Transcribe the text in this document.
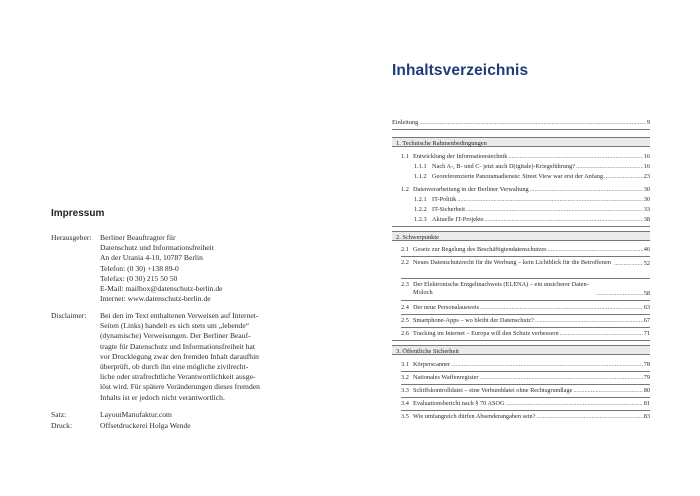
Impressum
Herausgeber: Berliner Beauftragter für
Datenschutz und Informationsfreiheit
An der Urania 4-10, 10787 Berlin
Telefon: (0 30) +138 89-0
Telefax: (0 30) 215 50 50
E-Mail: mailbox@datenschutz-berlin.de
Internet: www.datenschutz-berlin.de
Disclaimer: Bei den im Text enthaltenen Verweisen auf Internet-
Seiten (Links) handelt es sich stets um „lebende“
(dynamische) Verweisungen. Der Berliner Beauf-
tragte für Datenschutz und Informationsfreiheit hat
vor Drucklegung zwar den fremden Inhalt daraufhin
überprüft, ob durch ihn eine mögliche zivilrecht-
liche oder strafrechtliche Verantwortlichkeit ausge-
löst wird. Für spätere Veränderungen dieses fremden
Inhalts ist er jedoch nicht verantwortlich.
Satz:	LayoutManufaktur.com
Druck:	Offsetdruckerei Holga Wende
Inhaltsverzeichnis
Einleitung .....	9
1. Technische Rahmenbedingungen
1.1 Entwicklung der Informationstechnik .....	16
1.1.1 Nach A-, B- und C- jetzt auch D(igitale)-Kriegsführung? .....	16
1.1.2 Georeferenzierte Panoramadienste: Street View war erst der Anfang .....	23
1.2 Datenverarbeitung in der Berliner Verwaltung .....	30
1.2.1 IT-Politik .....	30
1.2.2 IT-Sicherheit .....	33
1.2.3 Aktuelle IT-Projekte .....	38
2. Schwerpunkte
2.1 Gesetz zur Regelung des Beschäftigtendatenschutzes .....	46
2.2 Neues Datenschutzrecht für die Werbung – kein Lichtblick für die Betroffenen .....	52
2.3 Der Elektronische Entgeltnachweis (ELENA) – ein unsicherer Daten-Moloch .....	58
2.4 Der neue Personalausweis .....	63
2.5 Smartphone-Apps – wo bleibt der Datenschutz? .....	67
2.6 Tracking im Internet – Europa will den Schutz verbessern .....	71
3. Öffentliche Sicherheit
3.1 Körperscanner .....	78
3.2 Nationales Waffenregister .....	79
3.3 Schiffskontrolldatei – eine Verbunddatei ohne Rechtsgrundlage .....	80
3.4 Evaluationsbericht nach § 70 ASOG .....	81
3.5 Wie umfangreich dürfen Absenderangaben sein? .....	83
